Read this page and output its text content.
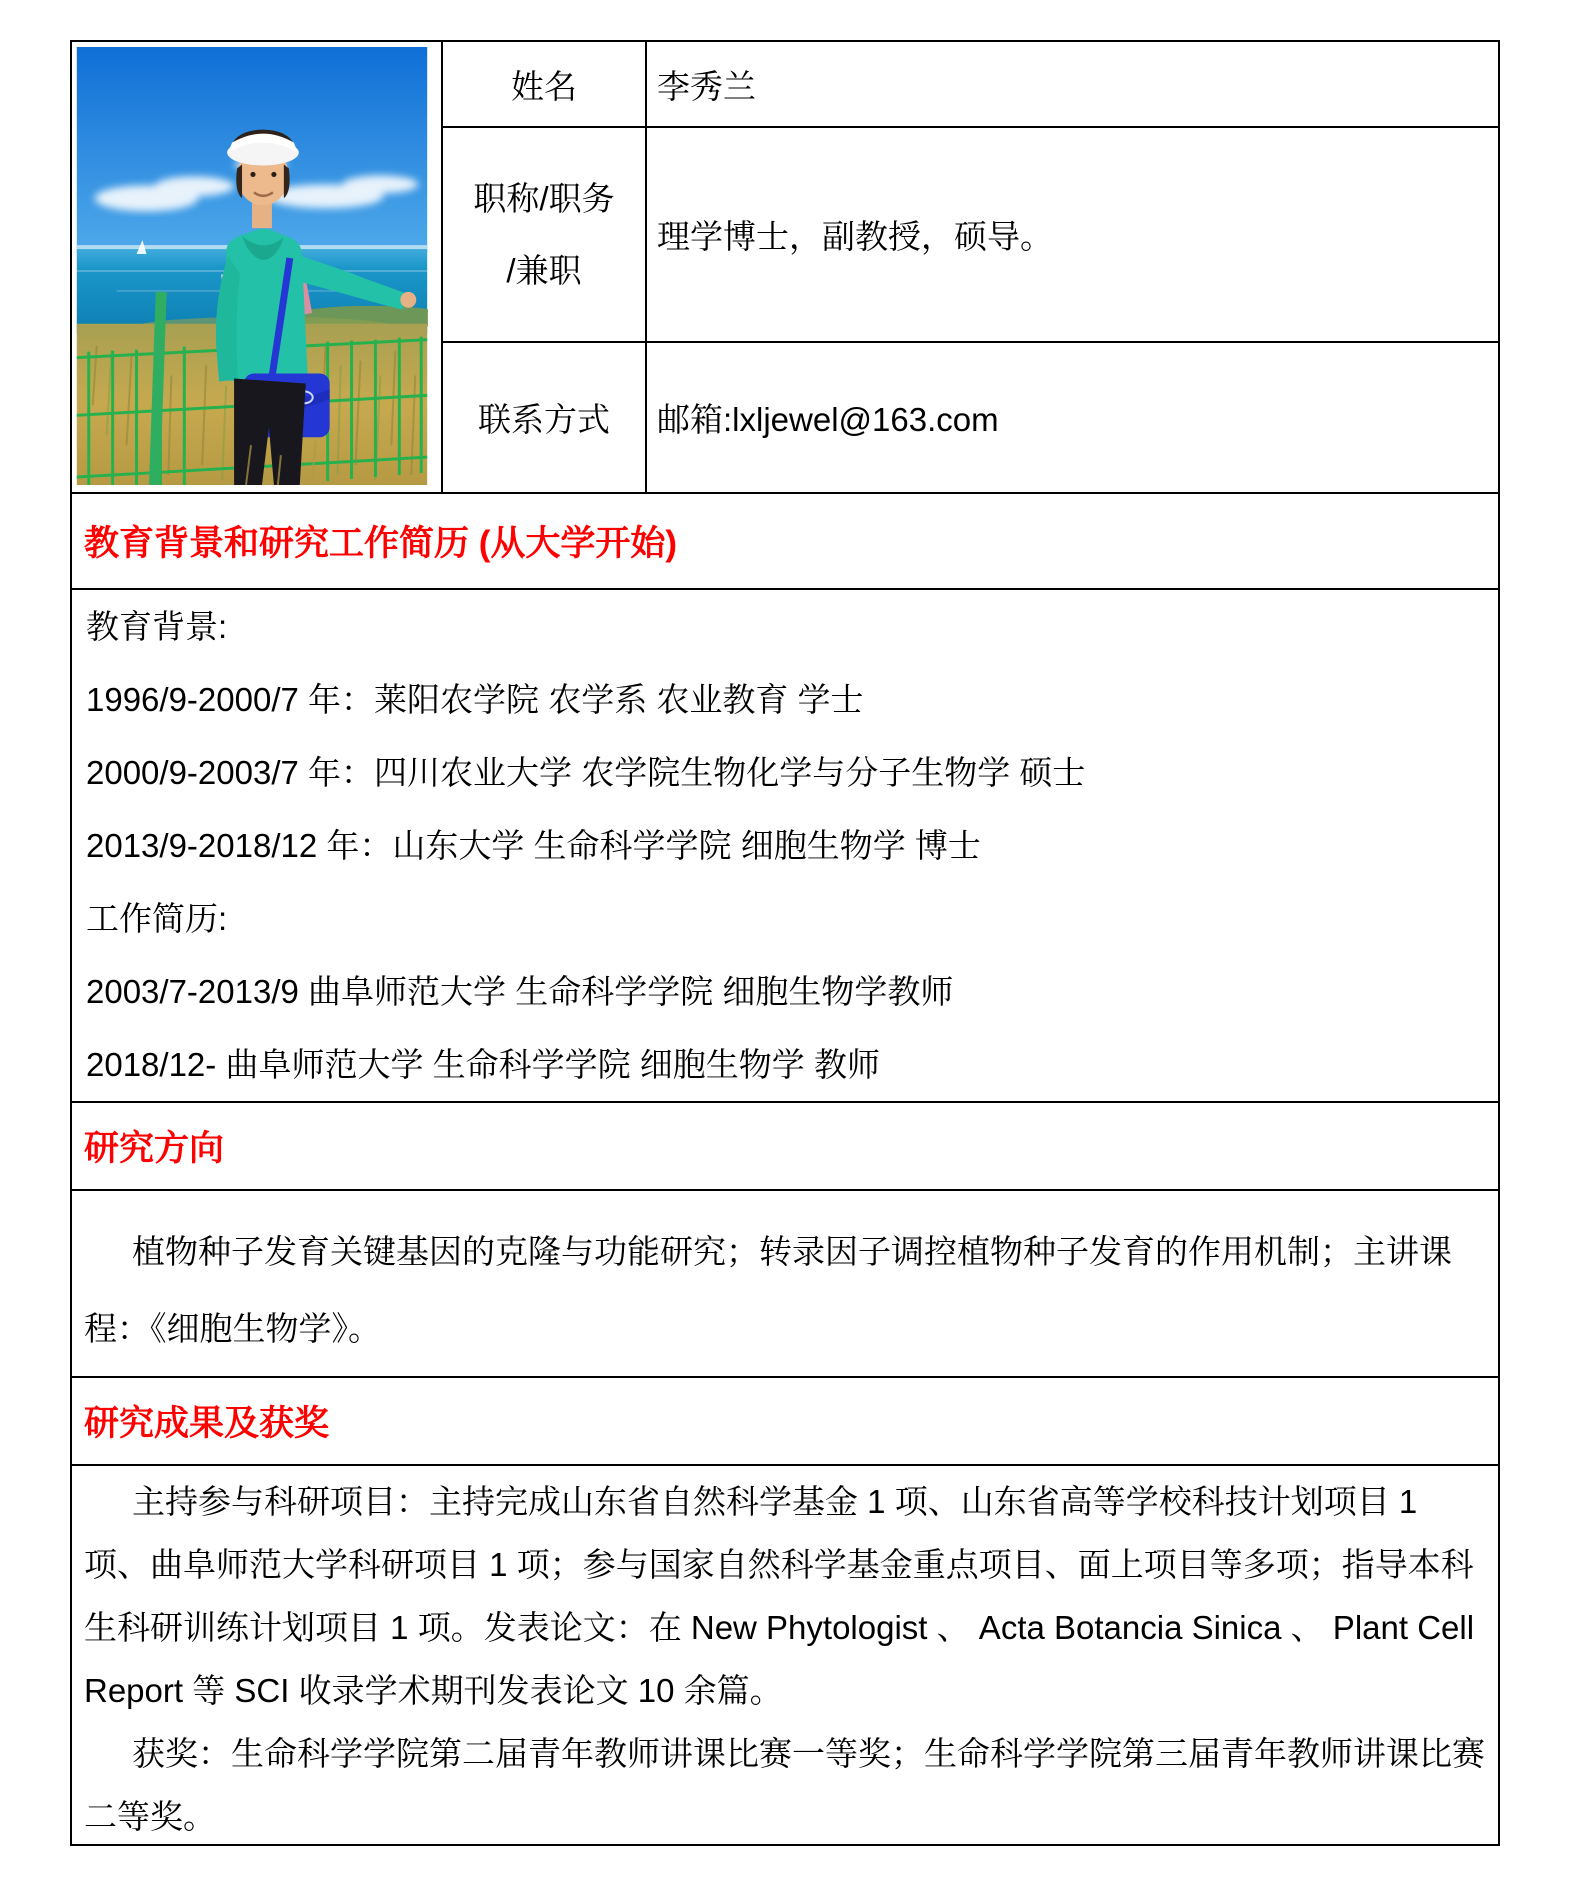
姓名 李秀兰
职称/职务
/兼职
理学博士，副教授，硕导。
联系方式 邮箱:lxljewel@163.com
教育背景和研究工作简历 (从大学开始)
教育背景:
1996/9-2000/7 年：莱阳农学院 农学系 农业教育 学士
2000/9-2003/7 年：四川农业大学 农学院生物化学与分子生物学 硕士
2013/9-2018/12 年：山东大学 生命科学学院 细胞生物学 博士
工作简历:
2003/7-2013/9 曲阜师范大学 生命科学学院 细胞生物学教师
2018/12- 曲阜师范大学 生命科学学院 细胞生物学 教师
研究方向

植物种子发育关键基因的克隆与功能研究；转录因子调控植物种子发育的作用机制；主讲课程：《细胞生物学》。

研究成果及获奖

主持参与科研项目：主持完成山东省自然科学基金 1 项、山东省高等学校科技计划项目 1 项、曲阜师范大学科研项目 1 项；参与国家自然科学基金重点项目、面上项目等多项；指导本科生科研训练计划项目 1 项。发表论文：在 New Phytologist 、 Acta Botancia Sinica 、 Plant Cell Report 等 SCI 收录学术期刊发表论文 10 余篇。

获奖：生命科学学院第二届青年教师讲课比赛一等奖；生命科学学院第三届青年教师讲课比赛二等奖。
